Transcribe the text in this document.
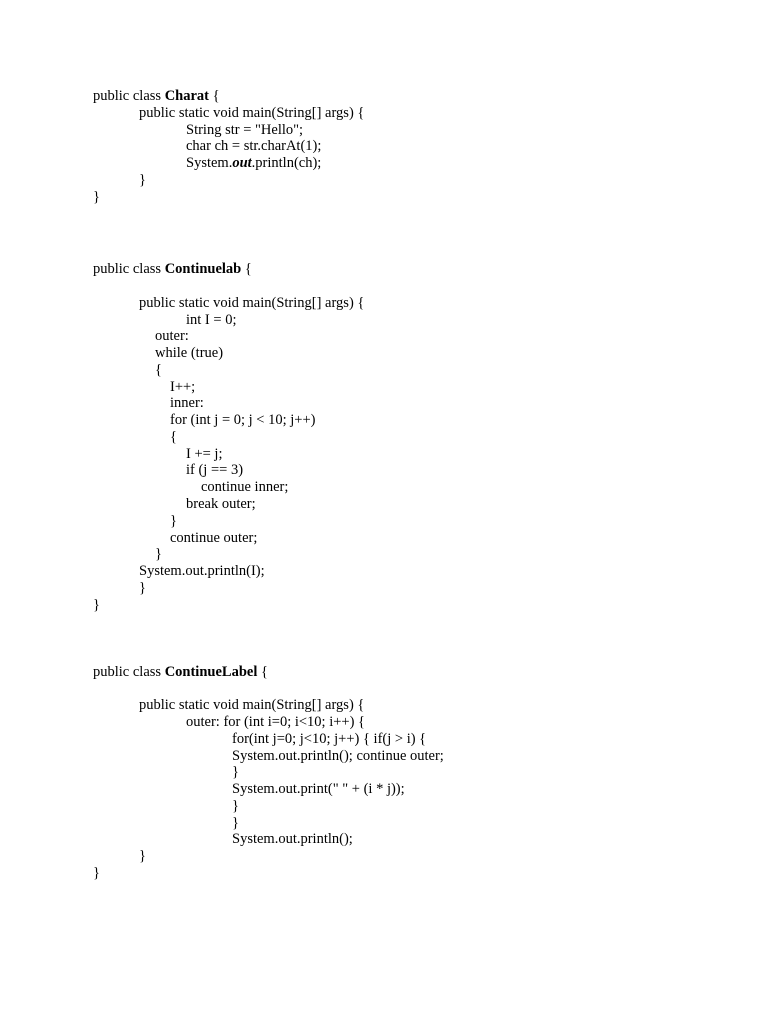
public class Charat {
public static void main(String[] args) {
String str = "Hello";
char ch = str.charAt(1);
System.out.println(ch);
}
}
public class Continuelab {
public static void main(String[] args) {
int I = 0;
outer:
while (true)
{
I++;
inner:
for (int j = 0; j < 10; j++)
{
I += j;
if (j == 3)
continue inner;
break outer;
}
continue outer;
}
System.out.println(I);
}
}
public class ContinueLabel {
public static void main(String[] args) {
outer: for (int i=0; i<10; i++) {
for(int j=0; j<10; j++) { if(j > i) {
System.out.println(); continue outer;
}
System.out.print(" " + (i * j));
}
}
System.out.println();
}
}
